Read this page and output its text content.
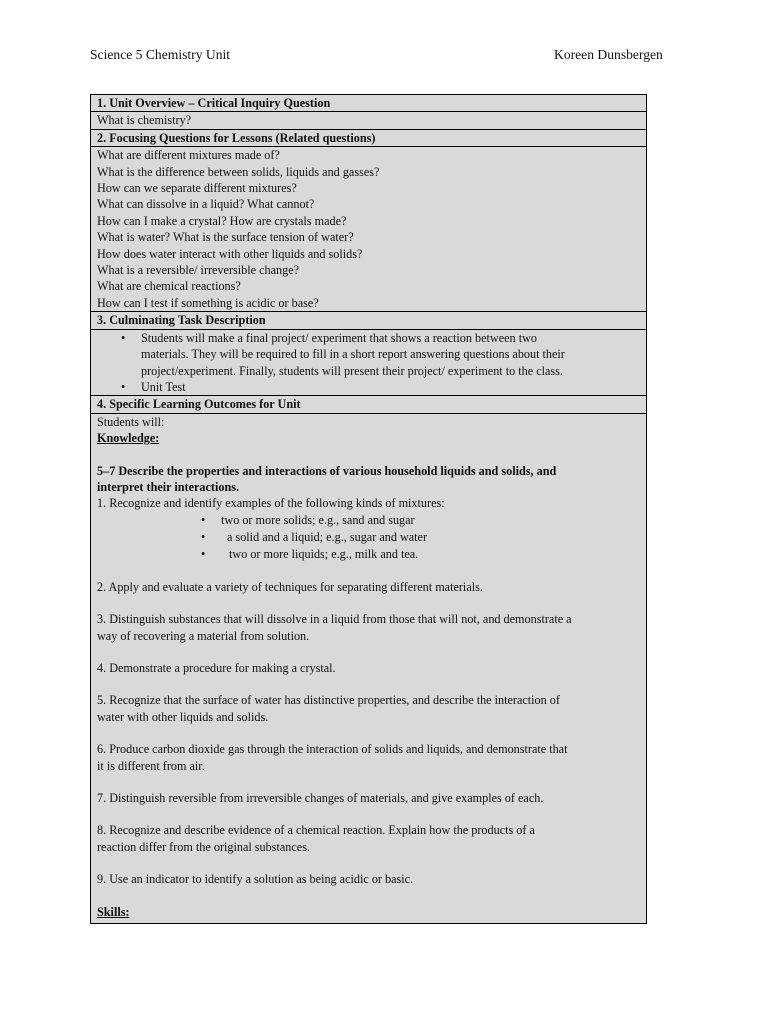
Science 5 Chemistry Unit	Koreen Dunsbergen
1. Unit Overview – Critical Inquiry Question
What is chemistry?
2. Focusing Questions for Lessons (Related questions)
What are different mixtures made of?
What is the difference between solids, liquids and gasses?
How can we separate different mixtures?
What can dissolve in a liquid? What cannot?
How can I make a crystal? How are crystals made?
What is water? What is the surface tension of water?
How does water interact with other liquids and solids?
What is a reversible/ irreversible change?
What are chemical reactions?
How can I test if something is acidic or base?
3. Culminating Task Description
• Students will make a final project/ experiment that shows a reaction between two
materials. They will be required to fill in a short report answering questions about their
project/experiment. Finally, students will present their project/ experiment to the class.
• Unit Test
4. Specific Learning Outcomes for Unit
Students will:
Knowledge:
5–7 Describe the properties and interactions of various household liquids and solids, and
interpret their interactions.
1. Recognize and identify examples of the following kinds of mixtures:
• two or more solids; e.g., sand and sugar
• a solid and a liquid; e.g., sugar and water
• two or more liquids; e.g., milk and tea.
2. Apply and evaluate a variety of techniques for separating different materials.
3. Distinguish substances that will dissolve in a liquid from those that will not, and demonstrate a
way of recovering a material from solution.
4. Demonstrate a procedure for making a crystal.
5. Recognize that the surface of water has distinctive properties, and describe the interaction of
water with other liquids and solids.
6. Produce carbon dioxide gas through the interaction of solids and liquids, and demonstrate that
it is different from air.
7. Distinguish reversible from irreversible changes of materials, and give examples of each.
8. Recognize and describe evidence of a chemical reaction. Explain how the products of a
reaction differ from the original substances.
9. Use an indicator to identify a solution as being acidic or basic.
Skills:
